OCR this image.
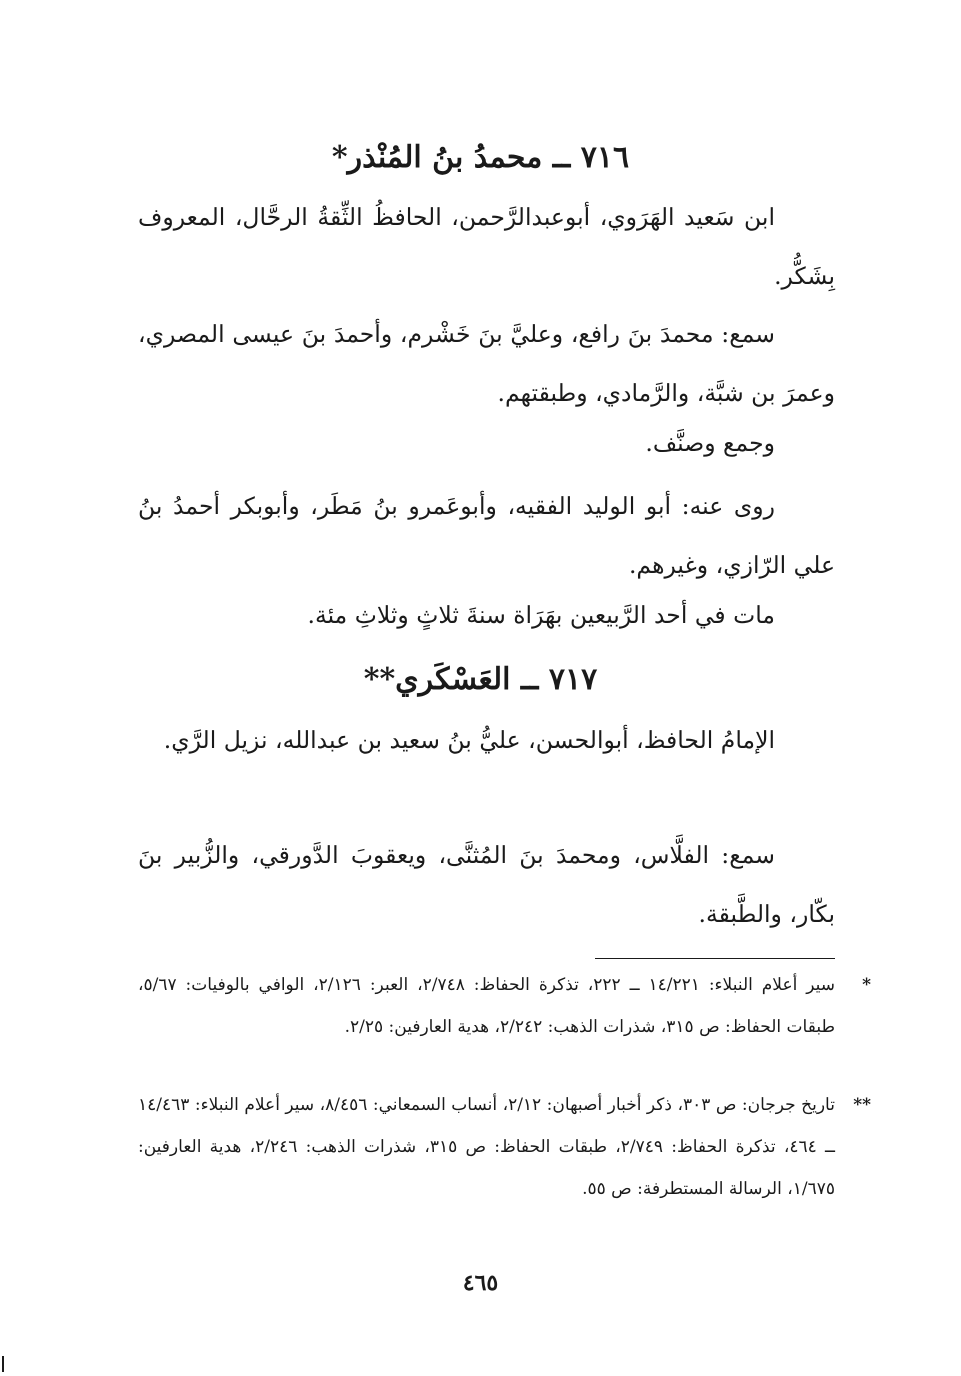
٧١٦ ــ محمدُ بنُ المُنْذر*
ابن سَعيد الهَرَوي، أبوعبدالرَّحمن، الحافظُ الثِّقةُ الرحَّال، المعروف بِشَكُّر.
سمع: محمدَ بنَ رافع، وعليَّ بنَ خَشْرم، وأحمدَ بنَ عيسى المصري، وعمرَ بن شبَّة، والرَّمادي، وطبقتهم.
وجمع وصنَّف.
روى عنه: أبو الوليد الفقيه، وأبوعَمرو بنُ مَطَر، وأبوبكر أحمدُ بنُ علي الرّازي، وغيرهم.
مات في أحد الرَّبيعين بهَرَاة سنةَ ثلاثٍ وثلاثِ مئة.
٧١٧ ــ العَسْكَري**
الإمامُ الحافظ، أبوالحسن، عليُّ بنُ سعيد بن عبدالله، نزيل الرَّي.
سمع: الفلَّاس، ومحمدَ بنَ المُثنَّى، ويعقوبَ الدَّورقي، والزُّبير بنَ بكّار، والطَّبقة.
*
سير أعلام النبلاء: ١٤/٢٢١ ــ ٢٢٢، تذكرة الحفاظ: ٢/٧٤٨، العبر: ٢/١٢٦، الوافي بالوفيات: ٥/٦٧، طبقات الحفاظ: ص ٣١٥، شذرات الذهب: ٢/٢٤٢، هدية العارفين: ٢/٢٥.
**
تاريخ جرجان: ص ٣٠٣، ذكر أخبار أصبهان: ٢/١٢، أنساب السمعاني: ٨/٤٥٦، سير أعلام النبلاء: ١٤/٤٦٣ ــ ٤٦٤، تذكرة الحفاظ: ٢/٧٤٩، طبقات الحفاظ: ص ٣١٥، شذرات الذهب: ٢/٢٤٦، هدية العارفين: ١/٦٧٥، الرسالة المستطرفة: ص ٥٥.
٤٦٥
